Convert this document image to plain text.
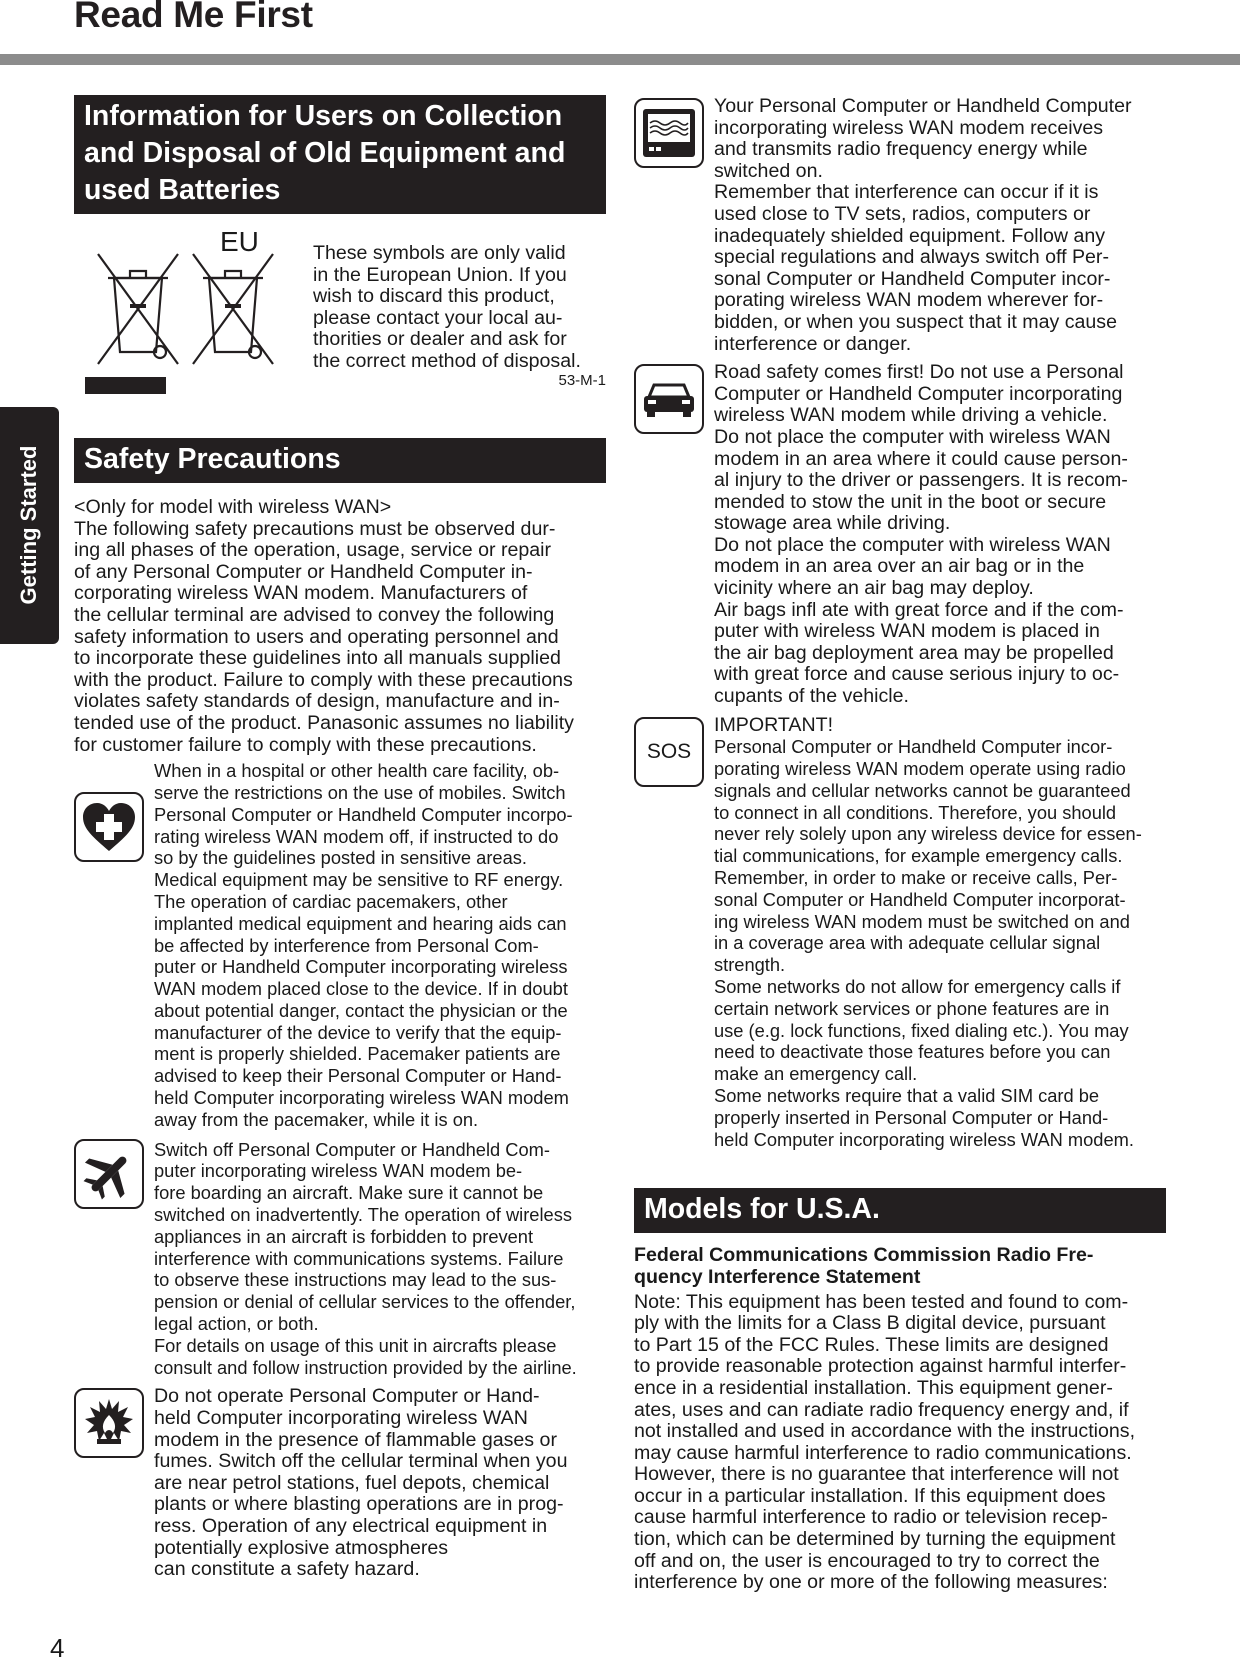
Read Me First
Getting Started
4
Information for Users on Collection
and Disposal of Old Equipment and
used Batteries
EU	These symbols are only valid
in the European Union. If you
wish to discard this product,
please contact your local au-
thorities or dealer and ask for
the correct method of disposal.
53-M-1
Safety Precautions
<Only for model with wireless WAN>
The following safety precautions must be observed dur-
ing all phases of the operation, usage, service or repair
of any Personal Computer or Handheld Computer in-
corporating wireless WAN modem. Manufacturers of
the cellular terminal are advised to convey the following
safety information to users and operating personnel and
to incorporate these guidelines into all manuals supplied
with the product. Failure to comply with these precautions
violates safety standards of design, manufacture and in-
tended use of the product. Panasonic assumes no liability
for customer failure to comply with these precautions.
When in a hospital or other health care facility, ob-
serve the restrictions on the use of mobiles. Switch
Personal Computer or Handheld Computer incorpo-
rating wireless WAN modem off, if instructed to do
so by the guidelines posted in sensitive areas.
Medical equipment may be sensitive to RF energy.
The operation of cardiac pacemakers, other
implanted medical equipment and hearing aids can
be affected by interference from Personal Com-
puter or Handheld Computer incorporating wireless
WAN modem placed close to the device. If in doubt
about potential danger, contact the physician or the
manufacturer of the device to verify that the equip-
ment is properly shielded. Pacemaker patients are
advised to keep their Personal Computer or Hand-
held Computer incorporating wireless WAN modem
away from the pacemaker, while it is on.
Switch off Personal Computer or Handheld Com-
puter incorporating wireless WAN modem be-
fore boarding an aircraft. Make sure it cannot be
switched on inadvertently. The operation of wireless
appliances in an aircraft is forbidden to prevent
interference with communications systems. Failure
to observe these instructions may lead to the sus-
pension or denial of cellular services to the offender,
legal action, or both.
For details on usage of this unit in aircrafts please
consult and follow instruction provided by the airline.
Do not operate Personal Computer or Hand-
held Computer incorporating wireless WAN
modem in the presence of flammable gases or
fumes. Switch off the cellular terminal when you
are near petrol stations, fuel depots, chemical
plants or where blasting operations are in prog-
ress. Operation of any electrical equipment in
potentially explosive atmospheres
can constitute a safety hazard.
Your Personal Computer or Handheld Computer
incorporating wireless WAN modem receives
and transmits radio frequency energy while
switched on.
Remember that interference can occur if it is
used close to TV sets, radios, computers or
inadequately shielded equipment. Follow any
special regulations and always switch off Per-
sonal Computer or Handheld Computer incor-
porating wireless WAN modem wherever for-
bidden, or when you suspect that it may cause
interference or danger.
Road safety comes first! Do not use a Personal
Computer or Handheld Computer incorporating
wireless WAN modem while driving a vehicle.
Do not place the computer with wireless WAN
modem in an area where it could cause person-
al injury to the driver or passengers. It is recom-
mended to stow the unit in the boot or secure
stowage area while driving.
Do not place the computer with wireless WAN
modem in an area over an air bag or in the
vicinity where an air bag may deploy.
Air bags infl ate with great force and if the com-
puter with wireless WAN modem is placed in
the air bag deployment area may be propelled
with great force and cause serious injury to oc-
cupants of the vehicle.
SOS
IMPORTANT!
Personal Computer or Handheld Computer incor-
porating wireless WAN modem operate using radio
signals and cellular networks cannot be guaranteed
to connect in all conditions. Therefore, you should
never rely solely upon any wireless device for essen-
tial communications, for example emergency calls.
Remember, in order to make or receive calls, Per-
sonal Computer or Handheld Computer incorporat-
ing wireless WAN modem must be switched on and
in a coverage area with adequate cellular signal
strength.
Some networks do not allow for emergency calls if
certain network services or phone features are in
use (e.g. lock functions, fixed dialing etc.). You may
need to deactivate those features before you can
make an emergency call.
Some networks require that a valid SIM card be
properly inserted in Personal Computer or Hand-
held Computer incorporating wireless WAN modem.
Models for U.S.A.
Federal Communications Commission Radio Fre-
quency Interference Statement
Note: This equipment has been tested and found to com-
ply with the limits for a Class B digital device, pursuant
to Part 15 of the FCC Rules. These limits are designed
to provide reasonable protection against harmful interfer-
ence in a residential installation. This equipment gener-
ates, uses and can radiate radio frequency energy and, if
not installed and used in accordance with the instructions,
may cause harmful interference to radio communications.
However, there is no guarantee that interference will not
occur in a particular installation. If this equipment does
cause harmful interference to radio or television recep-
tion, which can be determined by turning the equipment
off and on, the user is encouraged to try to correct the
interference by one or more of the following measures:
